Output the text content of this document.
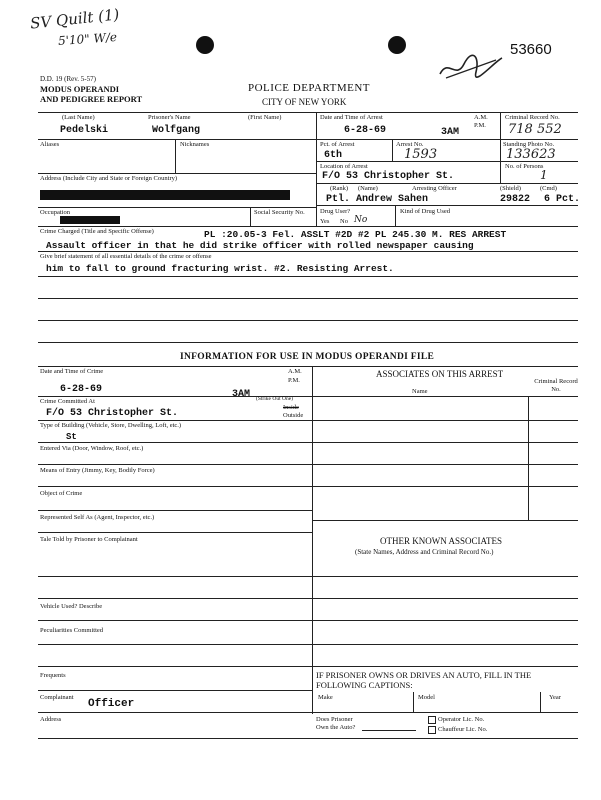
SV Quilt (1)
5'10" W/e
53660
D.D. 19 (Rev. 5-57)
MODUS OPERANDI
AND PEDIGREE REPORT
POLICE DEPARTMENT
CITY OF NEW YORK
(Last Name)	Prisoner's Name	(First Name)	Date and Time of Arrest	A.M.
P.M.
Criminal Record No.
Pedelski	Wolfgang	6-28-69	3AM	718 552
Aliases	Nicknames	Pct. of Arrest	Arrest No.	Standing Photo No.
6th	1593	133623
Location of Arrest	No. of Persons
F/O 53 Christopher St.	1
Address (Include City and State or Foreign Country)
(Rank) (Name)	Arresting Officer	(Shield)	(Cmd)
Ptl. Andrew Sahen	29822 6 Pct.
Occupation	Social Security No. Drug User?
Yes No No
Kind of Drug Used
Crime Charged (Title and Specific Offense)	PL :20.05-3 Fel. ASSLT #2D #2 PL 245.30 M. RES ARREST
Assault officer in that he did strike officer with rolled newspaper causing
Give brief statement of all essential details of the crime or offense
him to fall to ground fracturing wrist. #2. Resisting Arrest.
INFORMATION FOR USE IN MODUS OPERANDI FILE
Date and Time of Crime	A.M.
P.M.
6-28-69	3AM
Crime Committed At	(Strike Out One)
Inside
Outside
F/O 53 Christopher St.
Type of Building (Vehicle, Store, Dwelling, Loft, etc.)
St
Entered Via (Door, Window, Roof, etc.)
Means of Entry (Jimmy, Key, Bodily Force)
Object of Crime
Represented Self As (Agent, Inspector, etc.)
Tale Told by Prisoner to Complainant
Vehicle Used? Describe
Peculiarities Committed
Frequents
Complainant
Officer
Address
ASSOCIATES ON THIS ARREST
Name
Criminal Record No.
OTHER KNOWN ASSOCIATES
(State Names, Address and Criminal Record No.)
IF PRISONER OWNS OR DRIVES AN AUTO, FILL IN THE
FOLLOWING CAPTIONS:
Make	Model	Year
Does Prisoner
Own the Auto?
Operator Lic. No.
Chauffeur Lic. No.
